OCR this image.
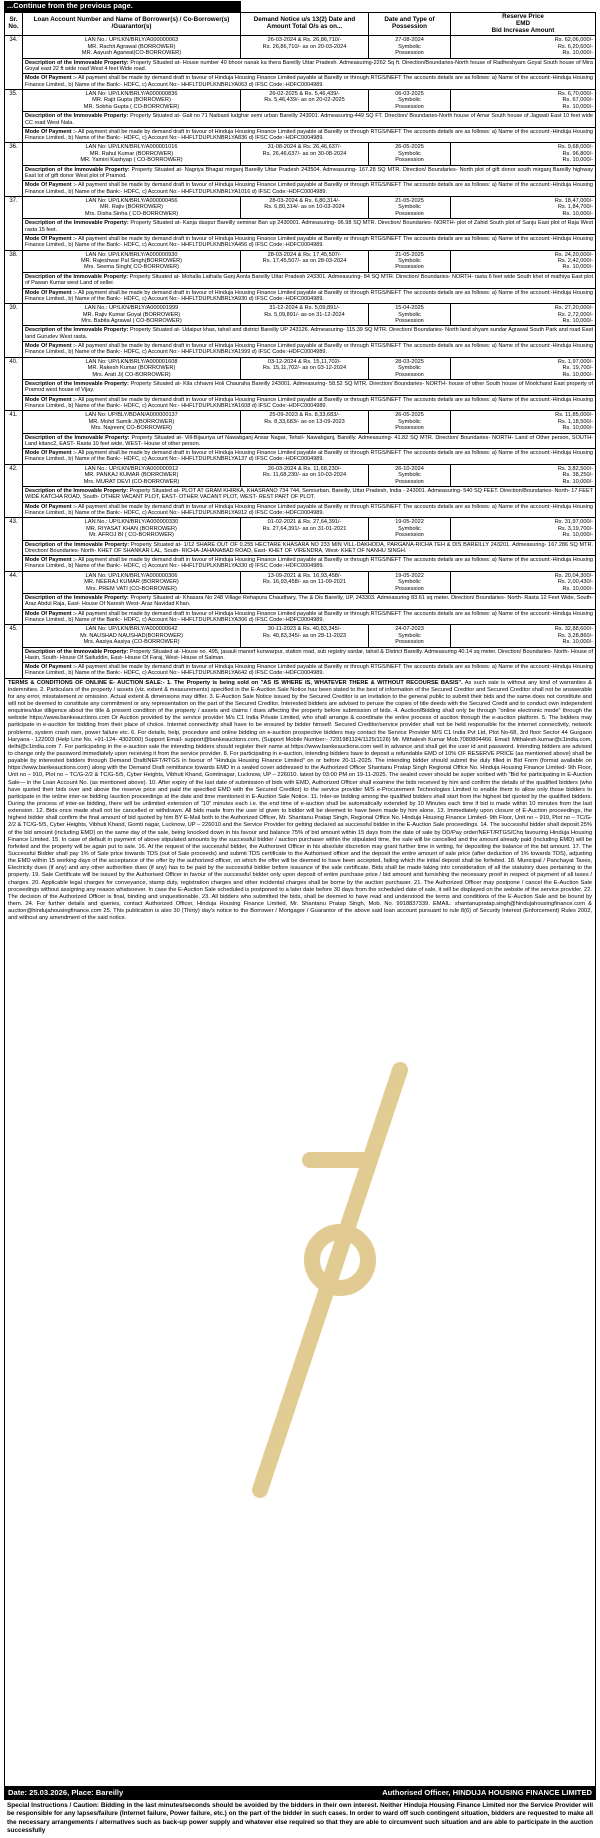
...Continue from the previous page.
Sr. No.	Loan Account Number and Name of Borrower(s) / Co-Borrower(s) /Guarantor(s)	Demand Notice u/s 13(2) Date and Amount Total O/s as on...	Date and Type of Possession	Reserve Price
EMD
Bid Increase Amount

34.	LAN No.: UP/LKN/BRLY/A000000063
MR. Rachit Agrawal (BORROWER)
MR. Aayush Agarwal(CO-BORROWER)	26-03-2024 & Rs. 26,86,710/-
Rs. 26,86,710/- as on 20-03-2024	27-08-2024
Symbolic
Possession	Rs. 62,06,000/-
Rs. 6,20,600/-
Rs. 10,000/-

	Description of the Immovable Property: Property Situated at- House number 40 bhoor nanak ka thera Bareilly Uttar Pradesh. Admeasuring-2262 Sq ft. Direction/Boundaries-North house of Radheshyam Goyal South house of Mira Goyal east 22 ft wide road West 4 feet Wide road.			
	Mode Of Payment :- All payment shall be made by demand draft in favour of Hinduja Housing Finance Limited payable at Bareilly or through RTGS/NEFT The accounts details are as follows: a) Name of the account:-Hinduja Housing Finance Limited., b) Name of the Bank:- HDFC, c) Account No:- HHFLTDUPLKNBRLYA063 d) IFSC Code:-HDFC0004989.			
35.	LAN No: UP/LKN/BRLY/A000000836
MR. Rajit Gupta (BORROWER)
MR. Sobha Gupta ( CO-BORROWER)	26-02-2025 & Rs. 5,46,439/-
Rs. 5,46,439/- as on 20-02-2025	06-03-2025
Symbolic
Possession	Rs. 6,70,000/-
Rs. 67,000/-
Rs. 10,000/-

	Description of the Immovable Property: Property Situated at- Gali no 71 Naibasti katghar semi urban Bareilly 243001. Admeasuring-449 SQ FT. Direction/ Boundaries-North house of Amar South house of Jagwati East 10 feet wide CC road West Nala.			
	Mode Of Payment :- All payment shall be made by demand draft in favour of Hinduja Housing Finance Limited payable at Bareilly or through RTGS/NEFT The accounts details are as follows: a) Name of the account:-Hinduja Housing Finance Limited., b) Name of the Bank:- HDFC, c) Account No:- HHFLTDUPLKNBRLYA836 d) IFSC Code:-HDFC0004989.			
36.	LAN No: UP/LKN/BRLY/A000001016
MR. Rahul Kumar (BORROWER)
MR. Yamini Kashyap ( CO-BORROWER)	31-08-2024 & Rs. 26,46,637/-
Rs. 26,46,637/- as on 30-08-2024	26-05-2025
Symbolic
Possession	Rs. 9,68,000/-
Rs. 96,800/-
Rs. 10,000/-

	Description of the Immovable Property: Property Situated at- Nagriya Bhagat mirganj Bareilly Uttar Pradesh 243504. Admeasuring- 167.28 SQ MTR. Direction/ Boundaries- North plot of gift donor south mirganj Bareilly highway East lot of gift donor West plot of Pramod.			
	Mode Of Payment :- All payment shall be made by demand draft in favour of Hinduja Housing Finance Limited payable at Bareilly or through RTGS/NEFT The accounts details are as follows: a) Name of the account:-Hinduja Housing Finance Limited., b) Name of the Bank:- HDFC, c) Account No:- HHFLTDUPLKNBRLYA1016 d) IFSC Code:-HDFC0004989.			
37.	LAN No: UP/LKN/BRLY/A000000456
MR. Rajiv (BORROWER)
Mrs. Disha Sinha ( CO-BORROWER)	28-03-2024 & Rs. 6,80,314/-
Rs. 6,80,314/- as on 10-03-2024	21-05-2025
Symbolic
Possession	Rs. 18,47,000/-
Rs. 1,84,700/-
Rs. 10,000/-

	Description of the Immovable Property: Property Situated at- Kanja daspur Bareilly seminar Ban up 2430001. Admeasuring- 96.98 SQ MTR. Direction/ Boundaries- NORTH- plot of Zahid South plot of Sanju East plot of Raja West rasta 15 feet.			
	Mode Of Payment :- All payment shall be made by demand draft in favour of Hinduja Housing Finance Limited payable at Bareilly or through RTGS/NEFT The accounts details are as follows: a) Name of the account:-Hinduja Housing Finance Limited., b) Name of the Bank:- HDFC, c) Account No:- HHFLTDUPLKNBRLYA456 d) IFSC Code:-HDFC0004989.			
38.	LAN No: UP/LKN/BRLY/A000000930
MR. Rajeshwar Pal Singh(BORROWER)
Mrs. Seema Singh( CO-BORROWER)	28-03-2024 & Rs. 17,45,507/-
Rs. 17,45,507/- as on 28-03-2024	21-05-2025
Symbolic
Possession	Rs. 24,20,000/-
Rs. 2,42,000/-
Rs. 10,000/-

	Description of the Immovable Property: Property Situated at- Mohalla Lathaila Ganj Aonla Bareilly Uttar Pradesh 243301. Admeasuring- 84 SQ MTR. Direction/ Boundaries- NORTH- rasta 6 feet wide South khet of mathiya East plot of Pawan Kumar west Land of seller.			
	Mode Of Payment :- All payment shall be made by demand draft in favour of Hinduja Housing Finance Limited payable at Bareilly or through RTGS/NEFT The accounts details are as follows: a) Name of the account:-Hinduja Housing Finance Limited., b) Name of the Bank:- HDFC, c) Account No:- HHFLTDUPLKNBRLYA930 d) IFSC Code:-HDFC0004989.			
39.	LAN No.: UP/LKN/BRLY/A000001999
MR. Rajiv Kumar Goyal (BORROWER)
Mrs. Babita Agrawal ( CO-BORROWER)	31-12-2024 & Rs. 5,09,891/-
Rs. 5,09,891/- as on 31-12-2024	15-04-2025
Symbolic
Possession	Rs. 27,20,000/-
Rs. 2,72,000/-
Rs. 10,000/-

	Description of the Immovable Property: Property Situated at- Udaipur khas, tahsil and district Bareilly UP 243126. Admeasuring- 115.39 SQ MTR. Direction/ Boundaries- North land shyam sundar Agrawal South Park and road East land Gurudev West rasta.			
	Mode Of Payment :- All payment shall be made by demand draft in favour of Hinduja Housing Finance Limited payable at Bareilly or through RTGS/NEFT The accounts details are as follows: a) Name of the account:-Hinduja Housing Finance Limited., b) Name of the Bank:- HDFC, c) Account No:- HHFLTDUPLKNBRLYA1999 d) IFSC Code:-HDFC0004989.			
40.	LAN No: UP/LKN/BRLY/A000001608
MR. Rakesh Kumar (BORROWER)
Mrs. Arati Ji( CO-BORROWER)	03-12-2024 & Rs. 15,11,702/-
Rs. 15,11,702/- as on 03-12-2024	28-03-2025
Symbolic
Possession	Rs. 1,97,000/-
Rs. 19,700/-
Rs. 10,000/-

	Description of the Immovable Property: Property Situated at- Kila chhavni Holi Chauraha Bareilly 243001. Admeasuring- 58.52 SQ MTR. Direction/ Boundaries- NORTH- house of other South house of Moolchand East property of Pramod west house of Vijay.			
	Mode Of Payment :- All payment shall be made by demand draft in favour of Hinduja Housing Finance Limited payable at Bareilly or through RTGS/NEFT The accounts details are as follows: a) Name of the account:-Hinduja Housing Finance Limited., b) Name of the Bank:- HDFC, c) Account No:- HHFLTDUPLKNBRLYA1608 d) IFSC Code:-HDFC0004989.			
41.	LAN No: UP/BLY/BDAN/A000000137
MR. Mohd Samik Ji(BORROWER)
Mrs. Najreen( CO-BORROWER)	25-09-2023 & Rs. 8,33,683/-
Rs. 8,33,683/- as on 13-09-2023	26-05-2025
Symbolic
Possession	Rs. 11,85,000/-
Rs. 1,18,500/-
Rs. 10,000/-

	Description of the Immovable Property: Property Situated at- Vill-Bijauriya urf Nawabganj Ansar Nagar, Tehsil- Nawabganj, Bareilly. Admeasuring- 41.82 SQ MTR. Direction/ Boundaries- NORTH- Land of Other person, SOUTH- Land kitanc2, EAST- Rasta 10 feet wide, WEST- House of other person.			
	Mode Of Payment :- All payment shall be made by demand draft in favour of Hinduja Housing Finance Limited payable at Bareilly or through RTGS/NEFT The accounts details are as follows: a) Name of the account:-Hinduja Housing Finance Limited., b) Name of the Bank:- HDFC, c) Account No:- HHFLTDUPLKNBRLYA137 d) IFSC Code:-HDFC0004989.			
42.	LAN No.: UP/LKN/BRLY/A000000912
MR. PANKAJ KUMAR (BORROWER)
Mrs. MURAT DEVI (CO-BORROWER)	26-03-2024 & Rs. 11,68,230/-
Rs. 11,68,230/- as on 10-03-2024	26-10-2024
Symbolic
Possession	Rs. 3,82,500/-
Rs. 38,250/-
Rs. 10,000/-

	Description of the Immovable Property: Property Situated at- PLOT AT GRAM KHIRKA, KHASRANO 734 744, Semiurban, Bareilly, Uttar Pradesh, India - 243001. Admeasuring- 540 SQ FEET. Direction/Boundaries- North- 17 FEET WIDE KATCHA ROAD, South- OTHER VACANT PLOT, EAST- OTHER VACANT PLOT, WEST- REST PART OF PLOT.			
	Mode Of Payment :- All payment shall be made by demand draft in favour of Hinduja Housing Finance Limited payable at Bareilly or through RTGS/NEFT The accounts details are as follows: a) Name of the account:-Hinduja Housing Finance Limited., b) Name of the Bank:- HDFC, c) Account No:- HHFLTDUPLKNBRLYA912 d) IFSC Code:-HDFC0004989.			
43.	LAN No.: UP/LKN/BRLY/A000000330
MR. RIYASAT KHAN (BORROWER)
Mr. AFROJ BI ( CO-BORROWER)	01-02-2021 & Rs. 27,64,391/-
Rs. 27,64,391/- as on 31-01-2021	19-05-2022
Symbolic
Possession	Rs. 31,97,000/-
Rs. 3,19,700/-
Rs. 10,000/-

	Description of the Immovable Property: Property Situated at- 1/12 SHARE OUT OF 0.255 HECTARE KHASARA NO 233 MIN VILL-DAKHODA, PARGANA-RICHA TEH & DIS BAREILLY 243201. Admeasuring- 167.286 SQ MTR. Direction/ Boundaries- North- KHET OF SHANKAR LAL, South- RICHA-JAHANABAD ROAD, East- KHET OF VIRENDRA, West- KHET OF NANHU SINGH.			
	Mode Of Payment :- All payment shall be made by demand draft in favour of Hinduja Housing Finance Limited payable at Bareilly or through RTGS/NEFT The accounts details are as follows: a) Name of the account:-Hinduja Housing Finance Limited., b) Name of the Bank:- HDFC, c) Account No:- HHFLTDUPLKNBRLYA330 d) IFSC Code:-HDFC0004989.			
44.	LAN No: UP/LKN/BRLY/A000000306
MR. NEERAJ KUMAR (BORROWER)
Mrs. PREM VATI (CO-BORROWER)	13-09-2021 & Rs. 16,93,458/-
Rs. 16,93,458/- as on 11-09-2021	19-05-2022
Symbolic
Possession	Rs. 20,04,300/-
Rs. 2,00,430/-
Rs. 10,000/-

	Description of the Immovable Property: Property Situated at- Khasara No 248 Village Rehapura Chaudhary, The & Dis Bareilly, UP, 243303. Admeasuring 83.61 sq meter. Direction/ Boundaries- North- Rasta 12 Feet Wide, South- Araz Abdul Raja, East- House Of Naresh West- Araz Navidad Khan.			
	Mode Of Payment :- All payment shall be made by demand draft in favour of Hinduja Housing Finance Limited payable at Bareilly or through RTGS/NEFT The accounts details are as follows: a) Name of the account:-Hinduja Housing Finance Limited., b) Name of the Bank:- HDFC, c) Account No:- HHFLTDUPLKNBRLYA306 d) IFSC Code:-HDFC0004989.			
45.	LAN No: UP/LKN/BRLY/A000000642
Mr. NAUSHAD NAUSHAD(BORROWER)
Mrs. Aasiya Aasiya (CO-BORROWER)	30-11-2023 & Rs. 40,83,345/-
Rs. 40,83,345/- as on 28-11-2023	24-07-2023
Symbolic
Possession	Rs. 32,88,600/-
Rs. 3,28,860/-
Rs. 10,000/-

	Description of the Immovable Property: Property Situated at- House no. 495, jasauli manorf kunwarpur, station road, sub registry sardar, tahsil & District Bareilly. Admeasuring 40.14 sq meter. Direction/ Boundaries- North- House of Hasin, South- House Of Saifuddin, East- House Of Faraj, West- House of Salman.			
	Mode Of Payment :- All payment shall be made by demand draft in favour of Hinduja Housing Finance Limited payable at Bareilly or through RTGS/NEFT The accounts details are as follows: a) Name of the account:-Hinduja Housing Finance Limited., b) Name of the Bank:- HDFC, c) Account No:- HHFLTDUPLKNBRLYA642 d) IFSC Code:-HDFC0004989.			
TERMS & CONDITIONS OF ONLINE E- AUCTION SALE:- 1. The Property is being sold on "AS IS WHERE IS, WHATEVER THERE & WITHOUT RECOURSE BASIS". As such sale is without any kind of warranties & indemnities. 2. Particulars of the property / assets (viz. extent & measurements) specified in the E-Auction Sale Notice has been stated to the best of information of the Secured Creditor and Secured Creditor shall not be answerable for any error, misstatement or omission. Actual extent & dimensions may differ. 3. E-Auction Sale Notice issued by the Secured Creditor is an invitation to the general public to submit their bids and the same does not constitute and will not be deemed to constitute any commitment or any representation on the part of the Secured Creditor. Interested bidders are advised to peruse the copies of title deeds with the Secured Credit and to conduct own independent enquiries/due diligence about the title & present condition of the property / assets and claims / dues affecting the property before submission of bids. 4. Auction/Bidding shall only be through "online electronic mode" through the website https://www.bankeauctions.com Or Auction provided by the service provider M/s C1 India Private Limited, who shall arrange & coordinate the entire process of auction through the e-auction platform. 5. The bidders may participate in e-auction for bidding from their place of choice. Internet connectivity shall have to be ensured by bidder himself. Secured Creditor/service provider shall not be held responsible for the internet connectivity, network problems, system crash own, power failure etc. 6. For details, help, procedure and online bidding on e-auction prospective bidders may contact the Service Provider M/S C1 India Pvt Ltd, Plot No-68, 3rd floor Sector 44 Gurgaon Haryana - 122003 (Help Line No. +91-124- 4302000) Support Email- support@bankeauctions.com, (Support Mobile Number:- 7291981124/1125/1126) Mr. Mithalesh Kumar Mob.7080804466. Email: Mithalesh.kumar@c1india.com, delhi@c1india.com 7. For participating in the e-auction sale the intending bidders should register their name at https://www.bankeauctions.com well in advance and shall get the user id and password. Intending bidders are advised to change only the password immediately upon receiving it from the service provider. 8. For participating in e-auction, intending bidders have to deposit a refundable EMD of 10% OF RESERVE PRICE (as mentioned above) shall be payable by interested bidders through Demand Draft/NEFT/RTGS in favour of "Hinduja Housing Finance Limited" on or before 20-11-2025. The intending bidder should submit the duly filled in Bid Form (format available on https://www.bankeauctions.com) along with the Demand Draft remittance towards EMD in a sealed cover addressed to the Authorized Officer Shantanu Pratap Singh Regional Office No. Hinduja Housing Finance Limited- 9th Floor, Unit no – 910, Plot no – TC/G-2/2 & TC/G-5/5, Cyber Heights, Vibhuti Khand, Gomtinagar, Lucknow, UP – 226010. latest by 03:00 PM on 19-11-2025. The sealed cover should be super scribed with "Bid for participating in E-Auction Sale— in the Loan Account No. (as mentioned above). 10. After expiry of the last date of submission of bids with EMD, Authorized Officer shall examine the bids received by him and confirm the details of the qualified bidders (who have quoted their bids over and above the reserve price and paid the specified EMD with the Secured Creditor) to the service provider M/S e-Procurement Technologies Limited to enable them to allow only those bidders to participate in the online inter-se bidding /auction proceedings at the date and time mentioned in E-Auction Sale Notice. 11. Inter-se bidding among the qualified bidders shall start from the highest bid quoted by the qualified bidders. During the process of inter-se bidding, there will be unlimited extension of "10" minutes each i.e. the end time of e-auction shall be automatically extended by 10 Minutes each time if bid is made within 10 minutes from the last extension. 12. Bids once made shall not be cancelled or withdrawn. All bids made from the user id given to bidder will be deemed to have been made by him alone. 13. Immediately upon closure of E-Auction proceedings, the highest bidder shall confirm the final amount of bid quoted by him BY E-Mail both to the Authorized Officer, Mr. Shantanu Pratap Singh, Regional Office No. Hinduja Housing Finance Limited- 9th Floor, Unit no – 910, Plot no – TC/G-2/2 & TC/G-5/5, Cyber Heights, Vibhuti Khand, Gomti nagar, Lucknow, UP – 226010 and the Service Provider for getting declared as successful bidder in the E-Auction Sale proceedings. 14. The successful bidder shall deposit 25% of the bid amount (including EMD) on the same day of the sale, being knocked down in his favour and balance 75% of bid amount within 15 days from the date of sale by DD/Pay order/NEFT/RTGS/Chq favouring Hinduja Housing Finance Limited. 15. In case of default in payment of above stipulated amounts by the successful bidder / auction purchaser within the stipulated time, the sale will be cancelled and the amount already paid (including EMD) will be forfeited and the property will be again put to sale. 16. At the request of the successful bidder, the Authorized Officer in his absolute discretion may grant further time in writing, for depositing the balance of the bid amount. 17. The Successful Bidder shall pay 1% of Sale price towards TDS (out of Sale proceeds) and submit TDS certificate to the Authorised officer and the deposit the entire amount of sale price (after deduction of 1% towards TDS), adjusting the EMD within 15 working days of the acceptance of the offer by the authorized officer, on which the offer will be deemed to have been accepted, failing which the initial deposit shall be forfeited. 18. Municipal / Panchayat Taxes, Electricity dues (if any) and any other authorities dues (if any) has to be paid by the successful bidder before issuance of the sale certificate. Bids shall be made taking into consideration of all the statutory dues pertaining to the property. 19. Sale Certificate will be issued by the Authorised Officer in favour of the successful bidder only upon deposit of entire purchase price / bid amount and furnishing the necessary proof in respect of payment of all taxes / charges. 20. Applicable legal charges for conveyance, stamp duty, registration charges and other incidental charges shall be borne by the auction purchaser. 21. The Authorized Officer may postpone / cancel the E-Auction Sale proceedings without assigning any reason whatsoever. In case the E-Auction Sale scheduled is postponed to a later date before 30 days from the scheduled date of sale, it will be displayed on the website of the service provider. 22. The decision of the Authorized Officer is final, binding and unquestionable. 23. All bidders who submitted the bids, shall be deemed to have read and understood the terms and conditions of the E-Auction Sale and be bound by them. 24. For further details and queries, contact Authorized Officer, Hinduja Housing Finance Limited, Mr. Shantanu Pratap Singh, Mob. No. 9918837339. EMAIL: shantanupratap.singh@hindujahousingfinance.com & auction@hindujahousingfinance.com 25. This publication is also 30 (Thirty) day's notice to the Borrower / Mortgagor / Guarantor of the above said loan account pursuant to rule 8(6) of Security Interest (Enforcement) Rules 2002, and without any amendment of the said notice.
Date: 25.03.2026, Place: Bareilly	Authorised Officer, HINDUJA HOUSING FINANCE LIMITED
Special Instructions / Caution: Bidding in the last minutes/seconds should be avoided by the bidders in their own interest. Neither Hinduja Housing Finance Limited nor the Service Provider will be responsible for any lapses/failure (Internet failure, Power failure, etc.) on the part of the bidder in such cases. In order to ward off such contingent situation, bidders are requested to make all the necessary arrangements / alternatives such as back-up power supply and whatever else required so that they are able to circumvent such situation and are able to participate in the auction successfully
